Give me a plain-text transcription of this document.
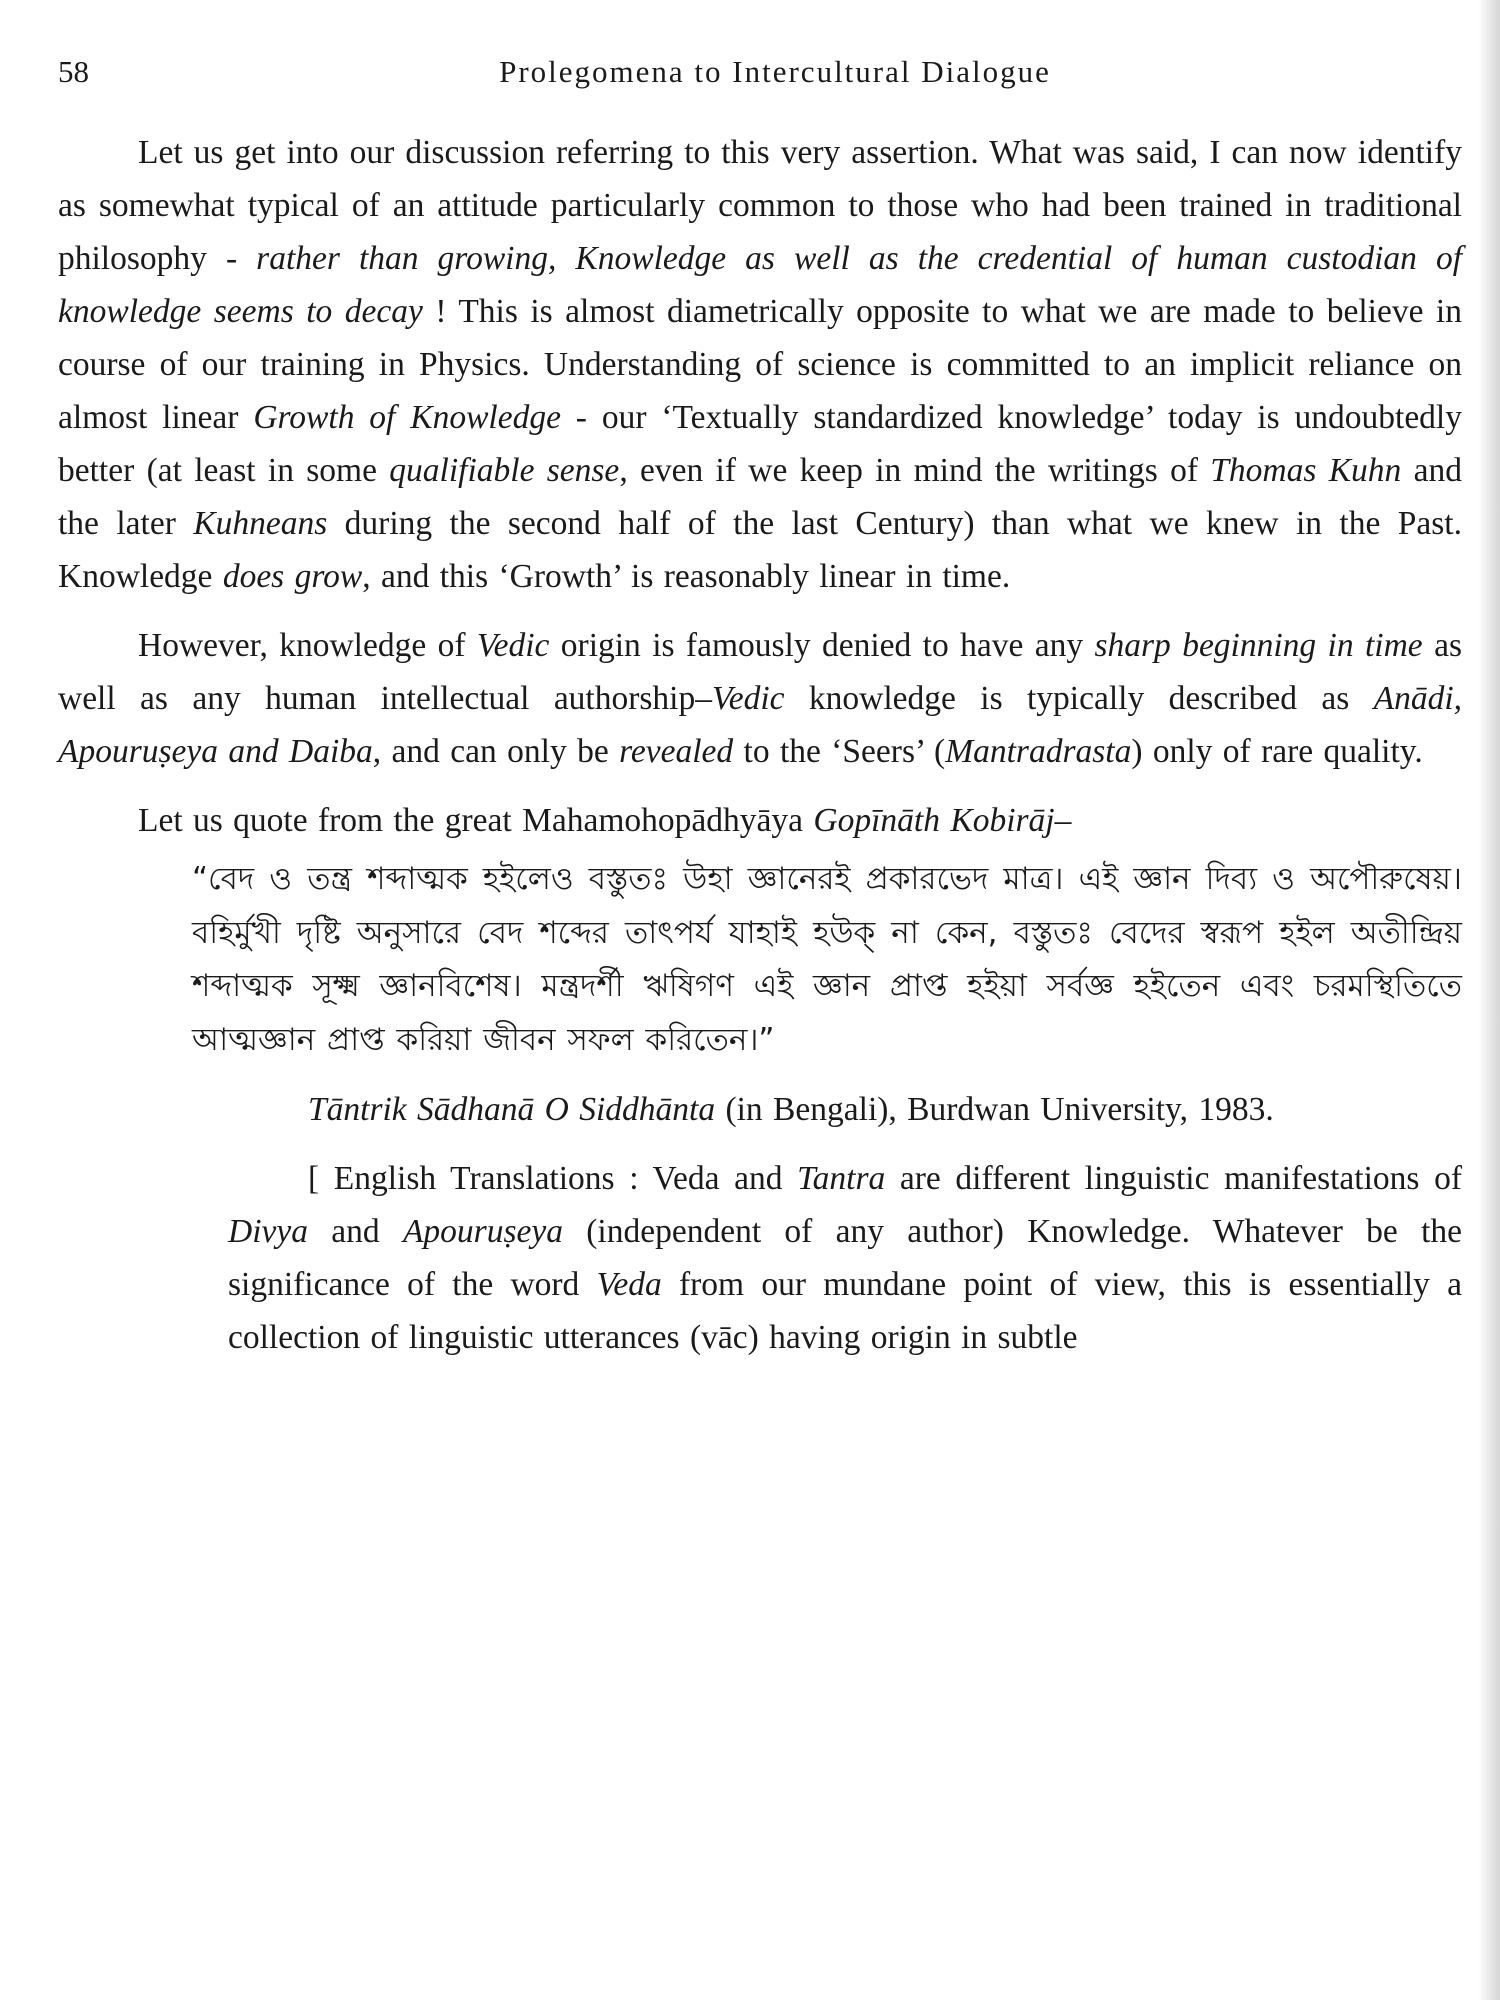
58	Prolegomena to Intercultural Dialogue

Let us get into our discussion referring to this very assertion. What was said, I can now identify as somewhat typical of an attitude particularly common to those who had been trained in traditional philosophy - rather than growing, Knowledge as well as the credential of human custodian of knowledge seems to decay ! This is almost diametrically opposite to what we are made to believe in course of our training in Physics. Understanding of science is committed to an implicit reliance on almost linear Growth of Knowledge - our ‘Textually standardized knowledge’ today is undoubtedly better (at least in some qualifiable sense, even if we keep in mind the writings of Thomas Kuhn and the later Kuhneans during the second half of the last Century) than what we knew in the Past. Knowledge does grow, and this ‘Growth’ is reasonably linear in time.

However, knowledge of Vedic origin is famously denied to have any sharp beginning in time as well as any human intellectual authorship–Vedic knowledge is typically described as Anādi, Apouruṣeya and Daiba, and can only be revealed to the ‘Seers’ (Mantradrasta) only of rare quality.

Let us quote from the great Mahamohopādhyāya Gopīnāth Kobirāj–

“বেদ ও তন্ত্র শব্দাত্মক হইলেও বস্তুতঃ উহা জ্ঞানেরই প্রকারভেদ মাত্র। এই জ্ঞান দিব্য ও অপৌরুষেয়। বহির্মুখী দৃষ্টি অনুসারে বেদ শব্দের তাৎপর্য যাহাই হউক্ না কেন, বস্তুতঃ বেদের স্বরূপ হইল অতীন্দ্রিয় শব্দাত্মক সূক্ষ্ম জ্ঞানবিশেষ। মন্ত্রদর্শী ঋষিগণ এই জ্ঞান প্রাপ্ত হইয়া সর্বজ্ঞ হইতেন এবং চরমস্থিতিতে আত্মজ্ঞান প্রাপ্ত করিয়া জীবন সফল করিতেন।”

Tāntrik Sādhanā O Siddhānta (in Bengali), Burdwan University, 1983.

[ English Translations : Veda and Tantra are different linguistic manifestations of Divya and Apouruṣeya (independent of any author) Knowledge. Whatever be the significance of the word Veda from our mundane point of view, this is essentially a collection of linguistic utterances (vāc) having origin in subtle
